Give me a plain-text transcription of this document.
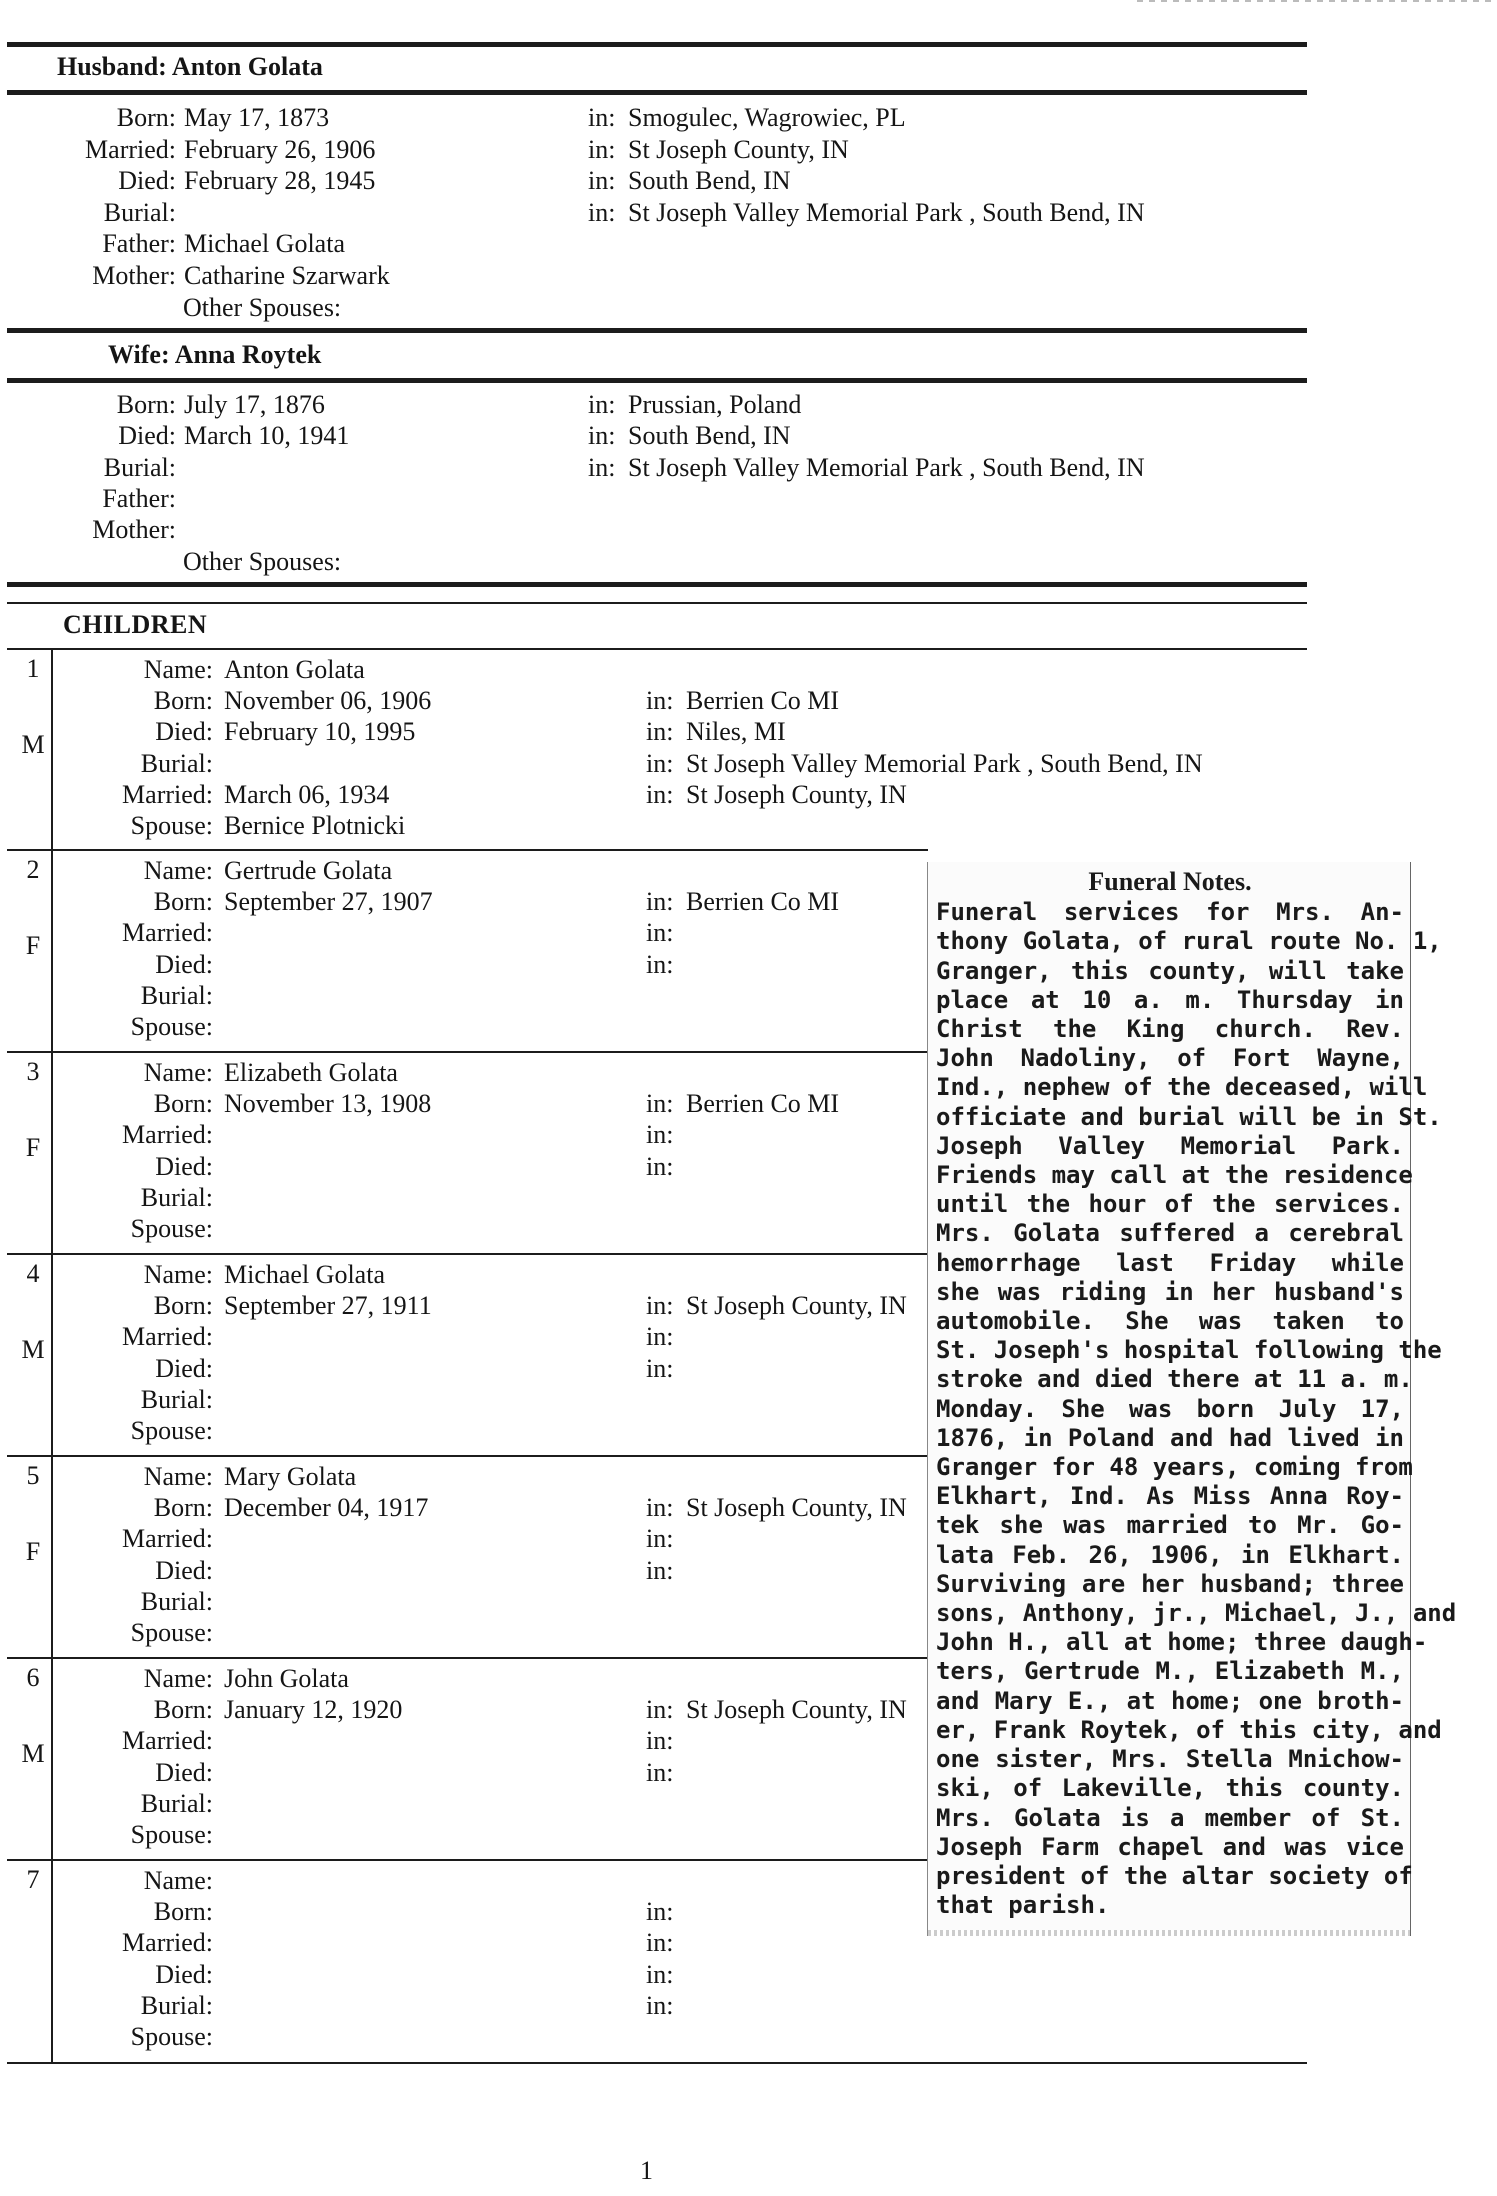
Husband: Anton Golata
Born: May 17, 1873	in: Smogulec, Wagrowiec, PL
Married: February 26, 1906	in: St Joseph County, IN
Died: February 28, 1945	in: South Bend, IN
Burial:	in: St Joseph Valley Memorial Park , South Bend, IN
Father: Michael Golata
Mother: Catharine Szarwark
Other Spouses:
Wife: Anna Roytek
Born: July 17, 1876	in: Prussian, Poland
Died: March 10, 1941	in: South Bend, IN
Burial:	in: St Joseph Valley Memorial Park , South Bend, IN
Father:
Mother:
Other Spouses:
CHILDREN
1
M
Name: Anton Golata
Born: November 06, 1906	in: Berrien Co MI
Died: February 10, 1995	in: Niles, MI
Burial:	in: St Joseph Valley Memorial Park , South Bend, IN
Married: March 06, 1934	in: St Joseph County, IN
Spouse: Bernice Plotnicki
2
F
Name: Gertrude Golata
Born: September 27, 1907	in: Berrien Co MI
Married:	in:
Died:	in:
Burial:
Spouse:
3
F
Name: Elizabeth Golata
Born: November 13, 1908	in: Berrien Co MI
Married:	in:
Died:	in:
Burial:
Spouse:
4
M
Name: Michael Golata
Born: September 27, 1911	in: St Joseph County, IN
Married:	in:
Died:	in:
Burial:
Spouse:
5
F
Name: Mary Golata
Born: December 04, 1917	in: St Joseph County, IN
Married:	in:
Died:	in:
Burial:
Spouse:
6
M
Name: John Golata
Born: January 12, 1920	in: St Joseph County, IN
Married:	in:
Died:	in:
Burial:
Spouse:
7	Name:
Born:	in:
Married:	in:
Died:	in:
Burial:	in:
Spouse:
Funeral Notes.
Funeral services for Mrs. An-
thony Golata, of rural route No. 1,
Granger, this county, will take
place at 10 a. m. Thursday in
Christ the King church. Rev.
John Nadoliny, of Fort Wayne,
Ind., nephew of the deceased, will
officiate and burial will be in St.
Joseph Valley Memorial Park.
Friends may call at the residence
until the hour of the services.
Mrs. Golata suffered a cerebral
hemorrhage last Friday while
she was riding in her husband's
automobile. She was taken to
St. Joseph's hospital following the
stroke and died there at 11 a. m.
Monday. She was born July 17,
1876, in Poland and had lived in
Granger for 48 years, coming from
Elkhart, Ind. As Miss Anna Roy-
tek she was married to Mr. Go-
lata Feb. 26, 1906, in Elkhart.
Surviving are her husband; three
sons, Anthony, jr., Michael, J., and
John H., all at home; three daugh-
ters, Gertrude M., Elizabeth M.,
and Mary E., at home; one broth-
er, Frank Roytek, of this city, and
one sister, Mrs. Stella Mnichow-
ski, of Lakeville, this county.
Mrs. Golata is a member of St.
Joseph Farm chapel and was vice
president of the altar society of
that parish.
1
